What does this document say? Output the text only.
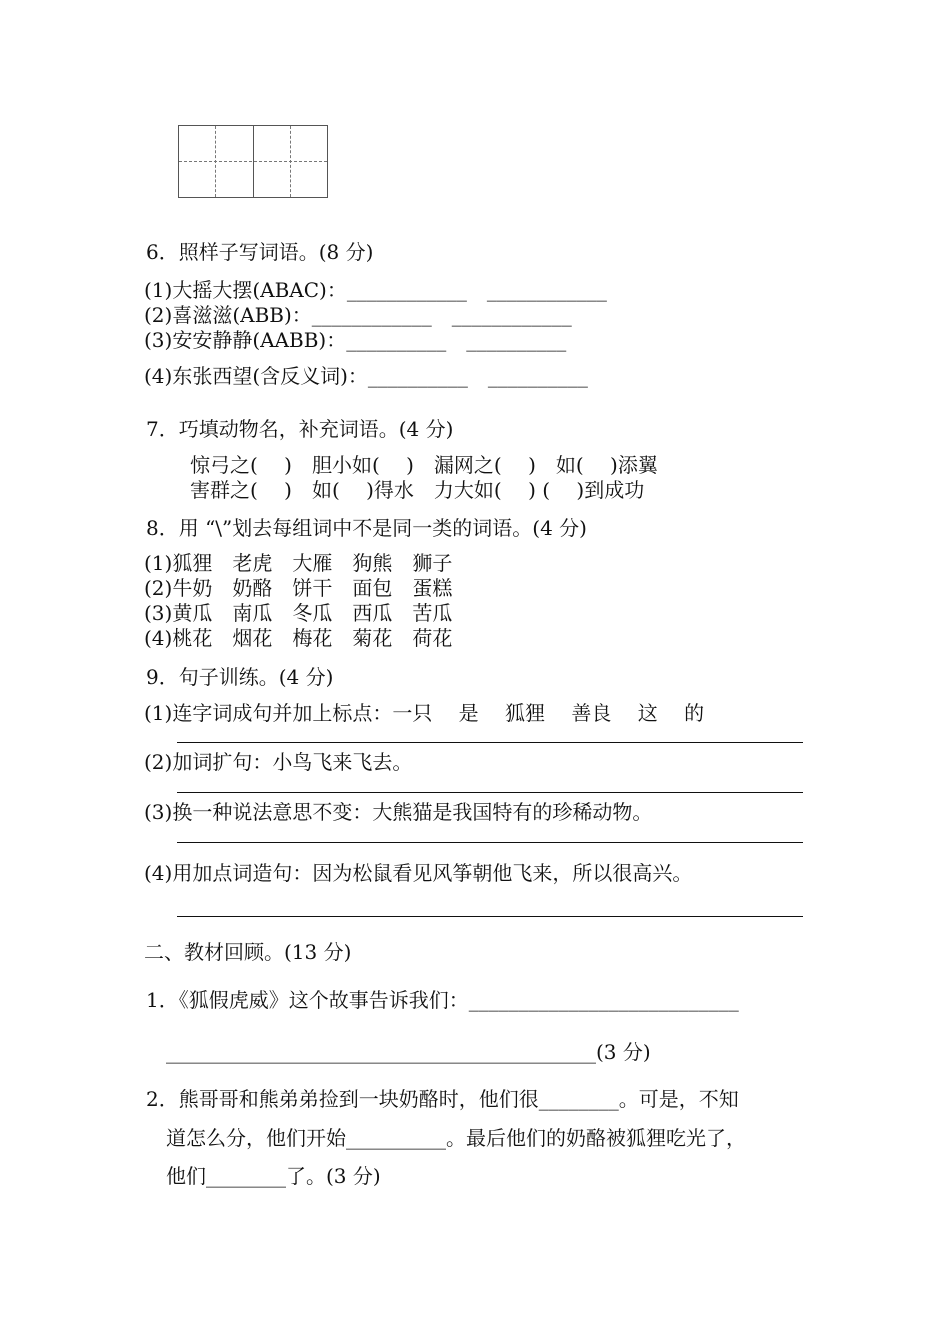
6．照样子写词语。(8 分)
(1)大摇大摆(ABAC)：____________　____________
(2)喜滋滋(ABB)：____________　____________
(3)安安静静(AABB)：__________　__________
(4)东张西望(含反义词)：__________　__________
7．巧填动物名，补充词语。(4 分)
惊弓之(　 )　胆小如(　 )　漏网之(　 )　如(　 )添翼
害群之(　 )　如(　 )得水　力大如(　 ) (　 )到成功
8．用 “\”划去每组词中不是同一类的词语。(4 分)
(1)狐狸　老虎　大雁　狗熊　狮子
(2)牛奶　奶酪　饼干　面包　蛋糕
(3)黄瓜　南瓜　冬瓜　西瓜　苦瓜
(4)桃花　烟花　梅花　菊花　荷花
9．句子训练。(4 分)
(1)连字词成句并加上标点：一只　 是　 狐狸　 善良　 这　 的
(2)加词扩句：小鸟飞来飞去。
(3)换一种说法意思不变：大熊猫是我国特有的珍稀动物。
(4)用加点词造句：因为松鼠看见风筝朝他飞来，所以很高兴。
二、教材回顾。(13 分)
1．《狐假虎威》这个故事告诉我们：___________________________
___________________________________________(3 分)
2．熊哥哥和熊弟弟捡到一块奶酪时，他们很________。可是，不知
道怎么分，他们开始__________。最后他们的奶酪被狐狸吃光了，
他们________了。(3 分)
